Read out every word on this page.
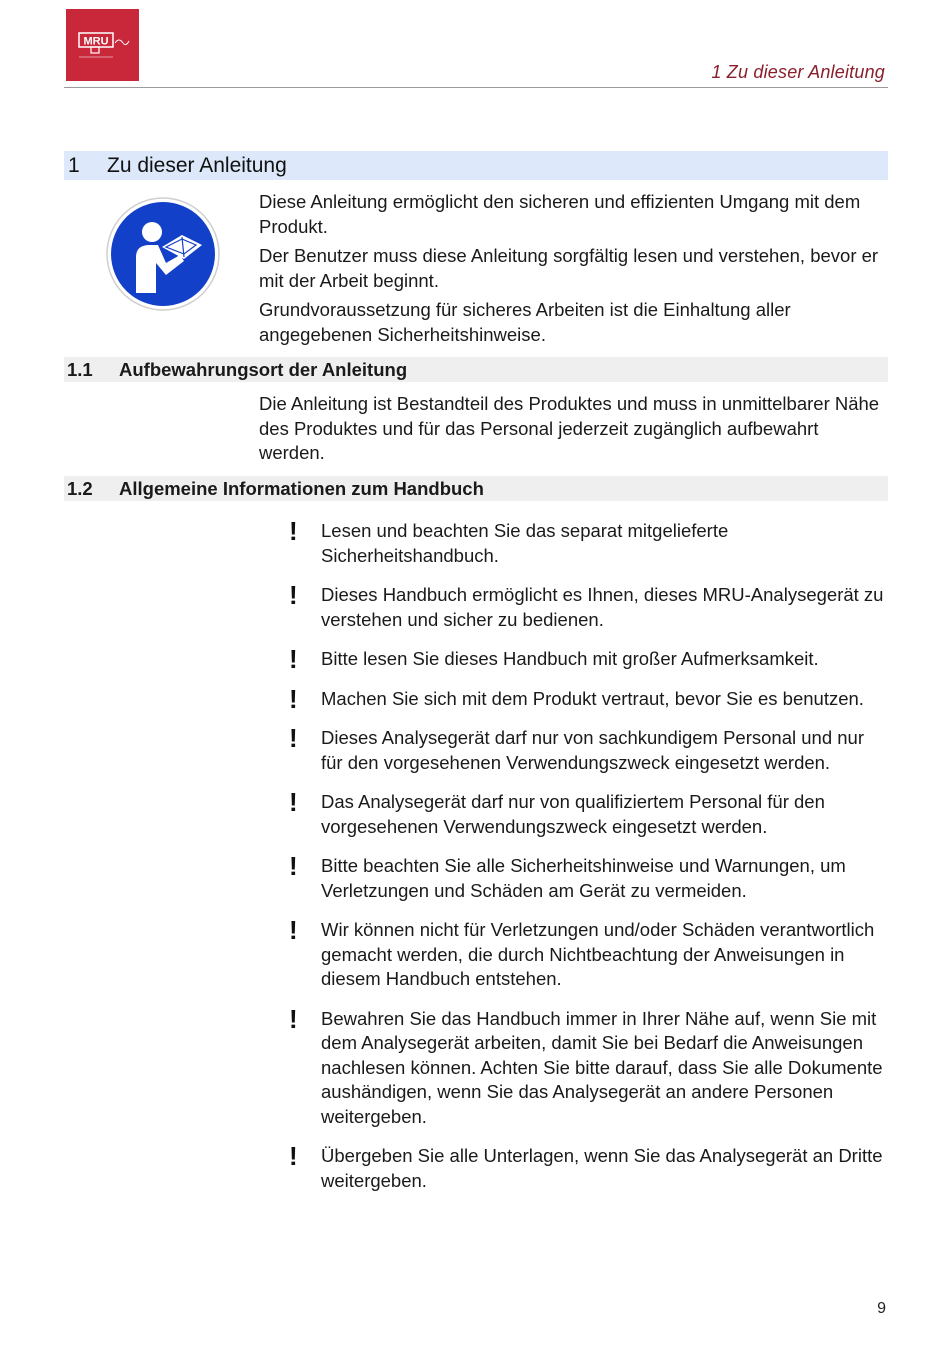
MRU
1 Zu dieser Anleitung
1	Zu dieser Anleitung

Diese Anleitung ermöglicht den sicheren und effizienten Umgang mit dem Produkt.

Der Benutzer muss diese Anleitung sorgfältig lesen und verstehen, bevor er mit der Arbeit beginnt.

Grundvoraussetzung für sicheres Arbeiten ist die Einhaltung aller angegebenen Sicherheitshinweise.

1.1	Aufbewahrungsort der Anleitung

Die Anleitung ist Bestandteil des Produktes und muss in unmittelbarer Nähe des Produktes und für das Personal jederzeit zugänglich aufbewahrt werden.

1.2	Allgemeine Informationen zum Handbuch
!	Lesen und beachten Sie das separat mitgelieferte Sicherheitshandbuch.
!	Dieses Handbuch ermöglicht es Ihnen, dieses MRU-Analysegerät zu verstehen und sicher zu bedienen.
!	Bitte lesen Sie dieses Handbuch mit großer Aufmerksamkeit.
!	Machen Sie sich mit dem Produkt vertraut, bevor Sie es benutzen.
!	Dieses Analysegerät darf nur von sachkundigem Personal und nur für den vorgesehenen Verwendungszweck eingesetzt werden.
!	Das Analysegerät darf nur von qualifiziertem Personal für den vorgesehenen Verwendungszweck eingesetzt werden.
!	Bitte beachten Sie alle Sicherheitshinweise und Warnungen, um Verletzungen und Schäden am Gerät zu vermeiden.
!	Wir können nicht für Verletzungen und/oder Schäden verantwortlich gemacht werden, die durch Nichtbeachtung der Anweisungen in diesem Handbuch entstehen.
!	Bewahren Sie das Handbuch immer in Ihrer Nähe auf, wenn Sie mit dem Analysegerät arbeiten, damit Sie bei Bedarf die Anweisungen nachlesen können. Achten Sie bitte darauf, dass Sie alle Dokumente aushändigen, wenn Sie das Analysegerät an andere Personen weitergeben.
!	Übergeben Sie alle Unterlagen, wenn Sie das Analysegerät an Dritte weitergeben.
9
